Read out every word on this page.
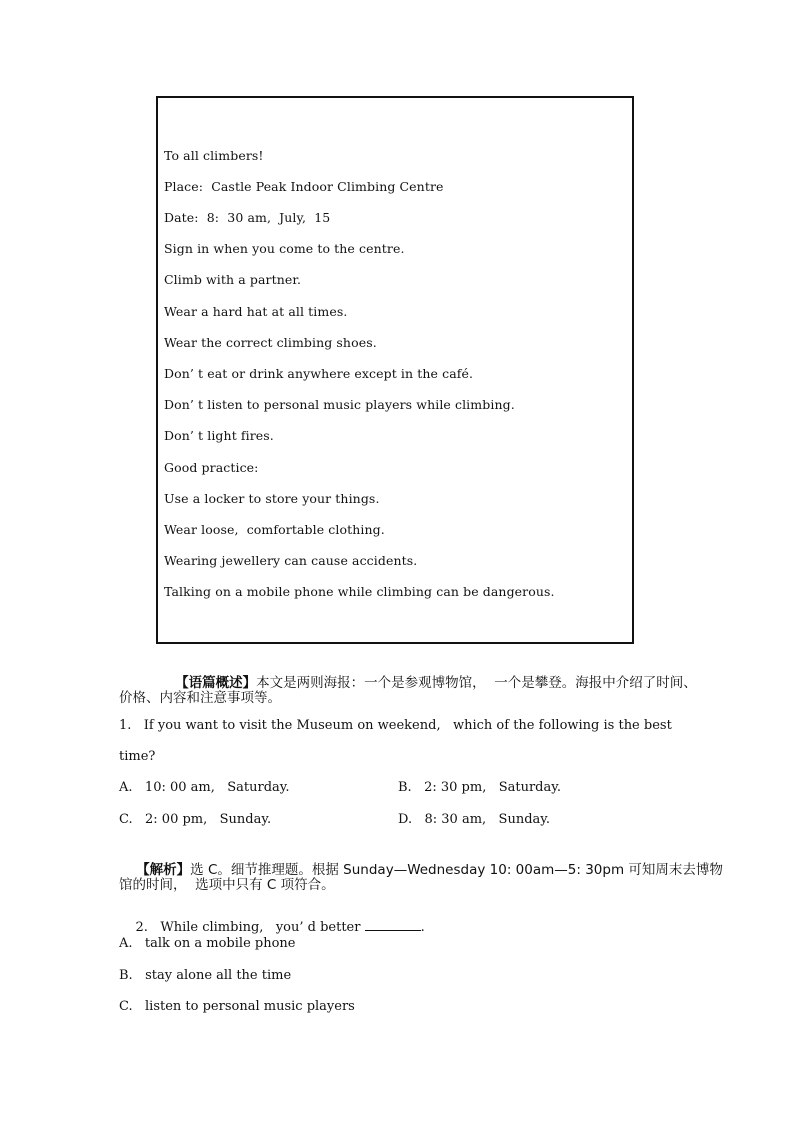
To all climbers!
Place:  Castle Peak Indoor Climbing Centre
Date:  8:  30 am,  July,  15
Sign in when you come to the centre.
Climb with a partner.
Wear a hard hat at all times.
Wear the correct climbing shoes.
Don’ t eat or drink anywhere except in the café.
Don’ t listen to personal music players while climbing.
Don’ t light fires.
Good practice:
Use a locker to store your things.
Wear loose,  comfortable clothing.
Wearing jewellery can cause accidents.
Talking on a mobile phone while climbing can be dangerous.

【语篇概述】本文是两则海报：一个是参观博物馆，  一个是攀登。海报中介绍了时间、

价格、内容和注意事项等。
1.   If you want to visit the Museum on weekend,   which of the following is the best
time?
A.   10: 00 am,   Saturday.	B.   2: 30 pm,   Saturday.
C.   2: 00 pm,   Sunday.	D.   8: 30 am,   Sunday.

【解析】选 C。细节推理题。根据 Sunday—Wednesday 10: 00am—5: 30pm 可知周末去博物

馆的时间，  选项中只有 C 项符合。

2.   While climbing,   you’ d better	.

A.   talk on a mobile phone
B.   stay alone all the time
C.   listen to personal music players
